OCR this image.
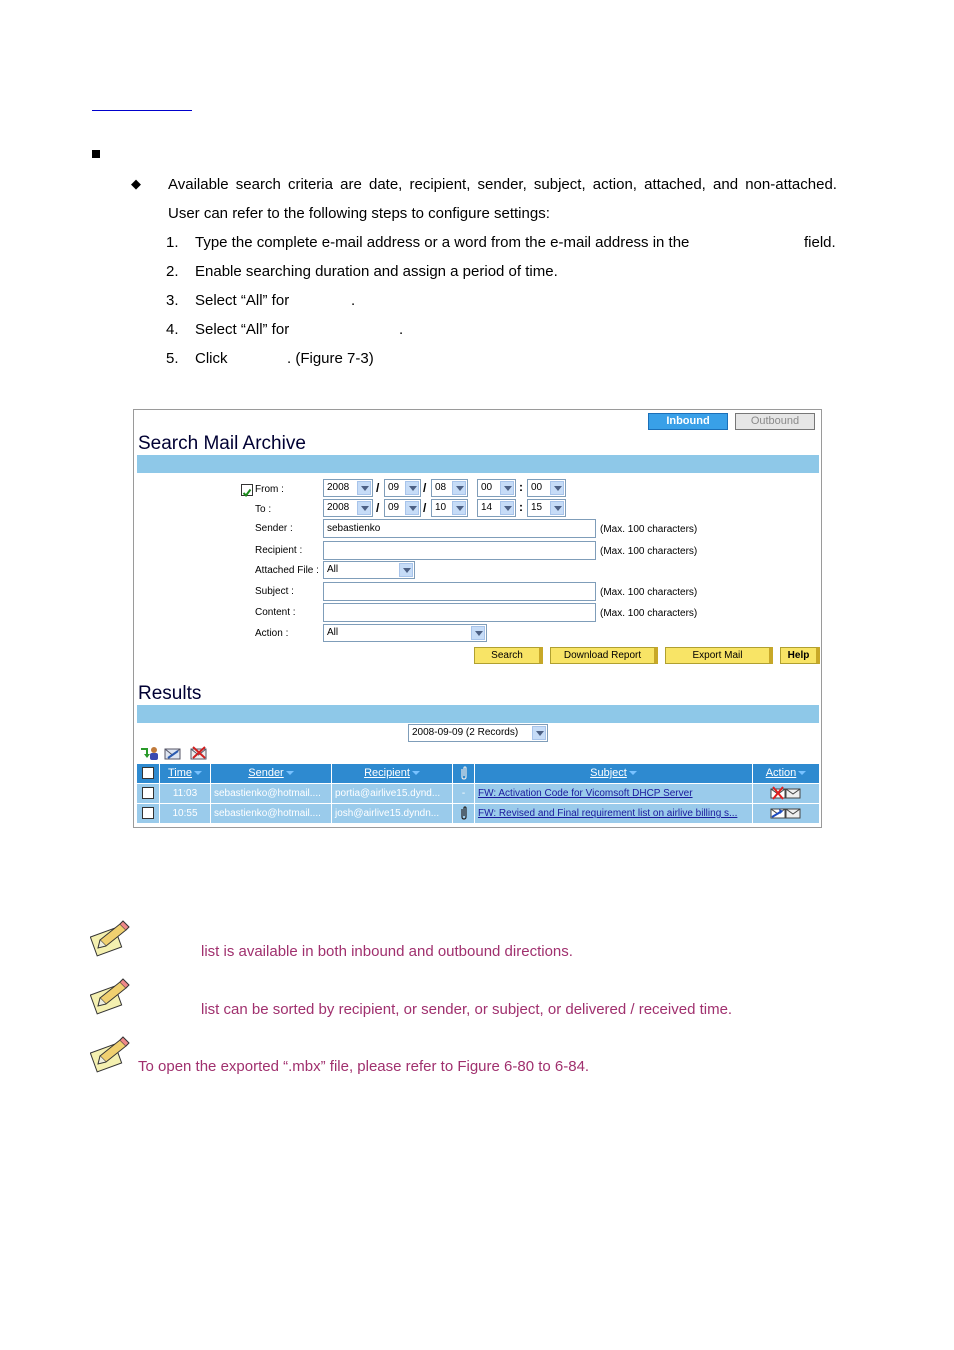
◆ Available search criteria are date, recipient, sender, subject, action, attached, and non-attached.
User can refer to the following steps to configure settings:
1. Type the complete e-mail address or a word from the e-mail address in the	field.
2. Enable searching duration and assign a period of time.
3. Select “All” for	.
4. Select “All” for	.
5. Click	. (Figure 7-3)
Inbound	Outbound
Search Mail Archive
From :	2008	/ 09	/ 08	00	: 00
To :	2008	/ 09	/ 10	14	: 15
Sender :	sebastienko	(Max. 100 characters)
Recipient :	(Max. 100 characters)
Attached File : All
Subject :	(Max. 100 characters)
Content :	(Max. 100 characters)
Action :	All
Search	Download Report	Export Mail	Help
Results
2008-09-09 (2 Records)
Time	Sender	Recipient	Subject	Action
11:03	sebastienko@hotmail....	portia@airlive15.dynd...	-	FW: Activation Code for Vicomsoft DHCP Server
10:55	sebastienko@hotmail....	josh@airlive15.dyndn...	FW: Revised and Final requirement list on airlive billing s...
list is available in both inbound and outbound directions.
list can be sorted by recipient, or sender, or subject, or delivered / received time.
To open the exported “.mbx” file, please refer to Figure 6-80 to 6-84.
